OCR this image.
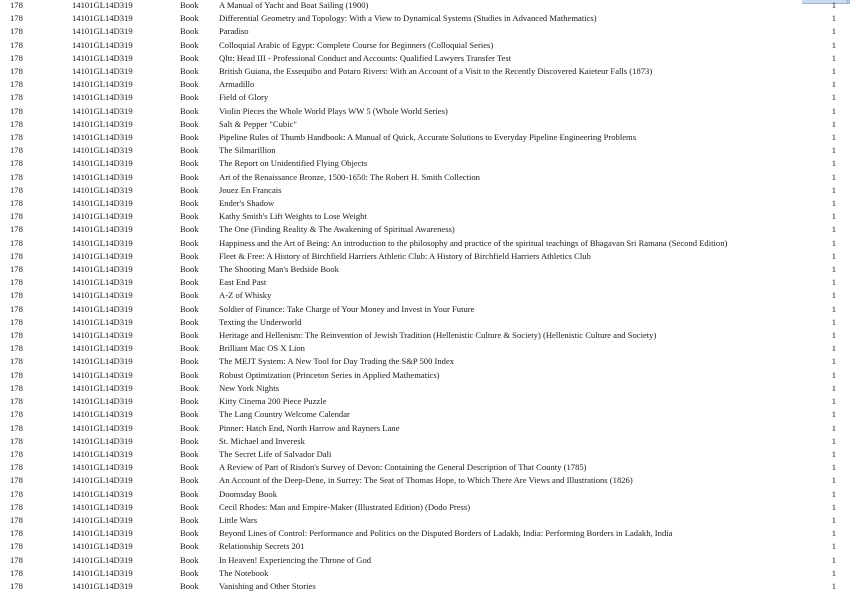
0
178	14101GL14D319	Book	A Manual of Yacht and Boat Sailing (1900)	1
178	14101GL14D319	Book	Differential Geometry and Topology: With a View to Dynamical Systems (Studies in Advanced Mathematics)	1
178	14101GL14D319	Book	Paradiso	1
178	14101GL14D319	Book	Colloquial Arabic of Egypt: Complete Course for Beginners (Colloquial Series)	1
178	14101GL14D319	Book	Qltt: Head III - Professional Conduct and Accounts: Qualified Lawyers Transfer Test	1
178	14101GL14D319	Book	British Guiana, the Essequibo and Potaro Rivers: With an Account of a Visit to the Recently Discovered Kaieteur Falls (1873)	1
178	14101GL14D319	Book	Armadillo	1
178	14101GL14D319	Book	Field of Glory	1
178	14101GL14D319	Book	Violin Pieces the Whole World Plays WW 5 (Whole World Series)	1
178	14101GL14D319	Book	Salt & Pepper "Cubic"	1
178	14101GL14D319	Book	Pipeline Rules of Thumb Handbook: A Manual of Quick, Accurate Solutions to Everyday Pipeline Engineering Problems	1
178	14101GL14D319	Book	The Silmarillion	1
178	14101GL14D319	Book	The Report on Unidentified Flying Objects	1
178	14101GL14D319	Book	Art of the Renaissance Bronze, 1500-1650: The Robert H. Smith Collection	1
178	14101GL14D319	Book	Jouez En Francais	1
178	14101GL14D319	Book	Ender's Shadow	1
178	14101GL14D319	Book	Kathy Smith's Lift Weights to Lose Weight	1
178	14101GL14D319	Book	The One (Finding Reality & The Awakening of Spiritual Awareness)	1
178	14101GL14D319	Book	Happiness and the Art of Being: An introduction to the philosophy and practice of the spiritual teachings of Bhagavan Sri Ramana (Second Edition)	1
178	14101GL14D319	Book	Fleet & Free: A History of Birchfield Harriers Athletic Club: A History of Birchfield Harriers Athletics Club	1
178	14101GL14D319	Book	The Shooting Man's Bedside Book	1
178	14101GL14D319	Book	East End Past	1
178	14101GL14D319	Book	A-Z of Whisky	1
178	14101GL14D319	Book	Soldier of Finance: Take Charge of Your Money and Invest in Your Future	1
178	14101GL14D319	Book	Texting the Underworld	1
178	14101GL14D319	Book	Heritage and Hellenism: The Reinvention of Jewish Tradition (Hellenistic Culture & Society) (Hellenistic Culture and Society)	1
178	14101GL14D319	Book	Brilliant Mac OS X Lion	1
178	14101GL14D319	Book	The MEJT System: A New Tool for Day Trading the S&P 500 Index	1
178	14101GL14D319	Book	Robust Optimization (Princeton Series in Applied Mathematics)	1
178	14101GL14D319	Book	New York Nights	1
178	14101GL14D319	Book	Kitty Cinema 200 Piece Puzzle	1
178	14101GL14D319	Book	The Lang Country Welcome Calendar	1
178	14101GL14D319	Book	Pinner: Hatch End, North Harrow and Rayners Lane	1
178	14101GL14D319	Book	St. Michael and Inveresk	1
178	14101GL14D319	Book	The Secret Life of Salvador Dali	1
178	14101GL14D319	Book	A Review of Part of Risdon's Survey of Devon: Containing the General Description of That County (1785)	1
178	14101GL14D319	Book	An Account of the Deep-Dene, in Surrey: The Seat of Thomas Hope, to Which There Are Views and Illustrations (1826)	1
178	14101GL14D319	Book	Doomsday Book	1
178	14101GL14D319	Book	Cecil Rhodes: Man and Empire-Maker (Illustrated Edition) (Dodo Press)	1
178	14101GL14D319	Book	Little Wars	1
178	14101GL14D319	Book	Beyond Lines of Control: Performance and Politics on the Disputed Borders of Ladakh, India: Performing Borders in Ladakh, India	1
178	14101GL14D319	Book	Relationship Secrets 201	1
178	14101GL14D319	Book	In Heaven! Experiencing the Throne of God	1
178	14101GL14D319	Book	The Notebook	1
178	14101GL14D319	Book	Vanishing and Other Stories	1
